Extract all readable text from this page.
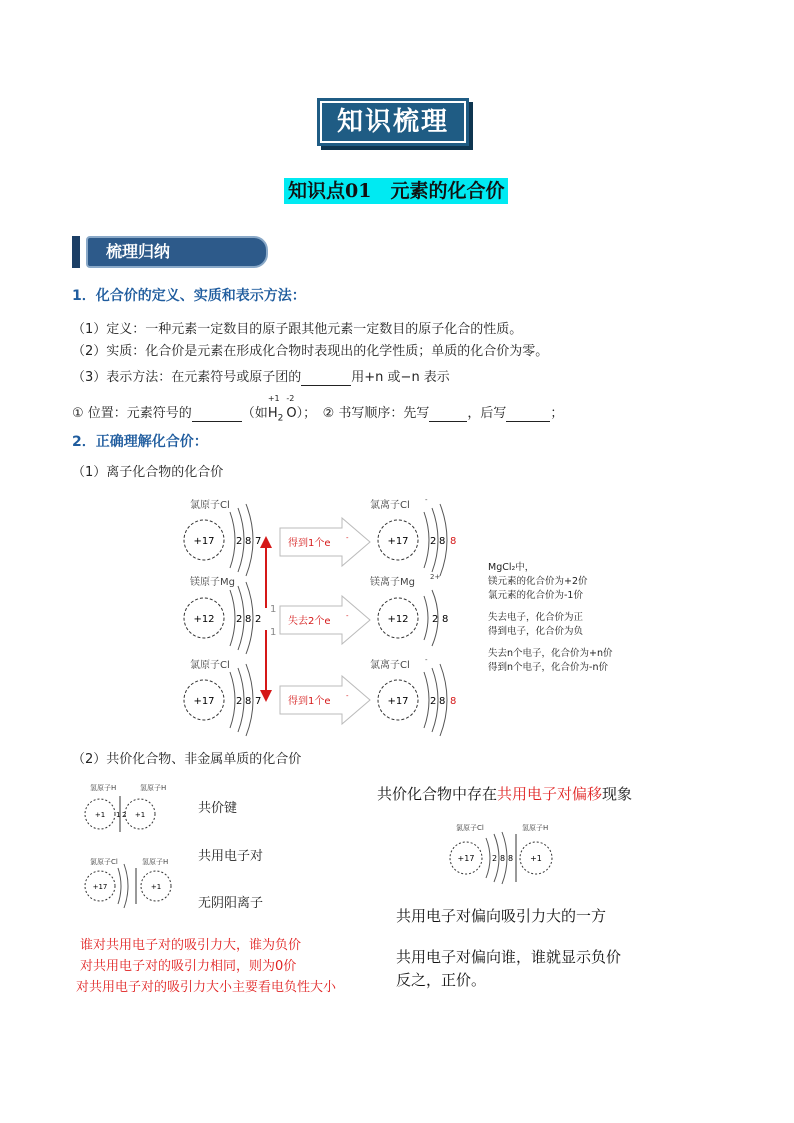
知识梳理
知识点01　元素的化合价
梳理归纳
1．化合价的定义、实质和表示方法：
（1）定义：一种元素一定数目的原子跟其他元素一定数目的原子化合的性质。
（2）实质：化合价是元素在形成化合物时表现出的化学性质；单质的化合价为零。
（3）表示方法：在元素符号或原子团的	用+n 或−n 表示
① 位置：元素符号的	（如
+1
$H_2$
-2
O）；　② 书写顺序：先写	，后写	；
2．正确理解化合价：
（1）离子化合物的化合价
氯原子Cl
+17 2 8 7	得到1个e -
氯离子Cl -
+17 2 8 8
镁原子Mg
+12 2 8 2
1
1
失去2个e -
镁离子Mg 2+
+12 2 8
氯原子Cl
+17 2 8 7	得到1个e -
氯离子Cl -
+17 2 8 8
MgCl₂中，
镁元素的化合价为+2价
氯元素的化合价为-1价
失去电子，化合价为正
得到电子，化合价为负
失去n个电子，化合价为+n价
得到n个电子，化合价为-n价
（2）共价化合物、非金属单质的化合价
氢原子H	氢原子H
+1	+1
1 2
氯原子Cl	氢原子H
+17	+1
共价键
共用电子对
无阴阳离子
谁对共用电子对的吸引力大，谁为负价
对共用电子对的吸引力相同，则为0价
对共用电子对的吸引力大小主要看电负性大小
共价化合物中存在共用电子对偏移现象
氯原子Cl	氢原子H
+17 2 8 8 +1
共用电子对偏向吸引力大的一方
共用电子对偏向谁，谁就显示负价
反之，正价。
